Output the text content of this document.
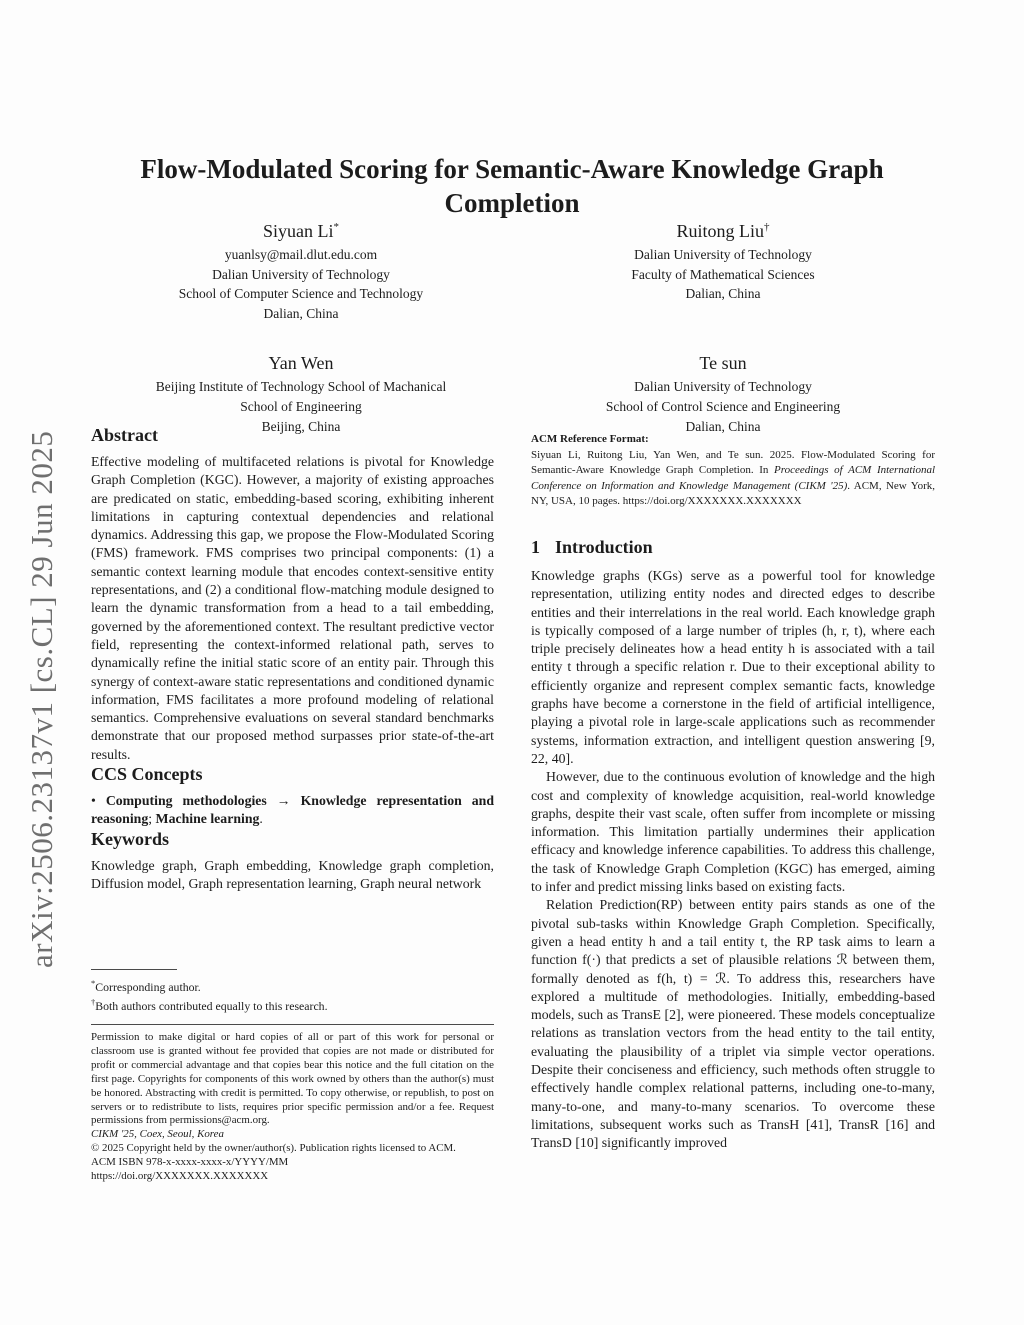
arXiv:2506.23137v1 [cs.CL] 29 Jun 2025
Flow-Modulated Scoring for Semantic-Aware Knowledge Graph Completion
Siyuan Li*
yuanlsy@mail.dlut.edu.com
Dalian University of Technology
School of Computer Science and Technology
Dalian, China
Ruitong Liu†
Dalian University of Technology
Faculty of Mathematical Sciences
Dalian, China
Yan Wen
Beijing Institute of Technology School of Machanical
School of Engineering
Beijing, China
Te sun
Dalian University of Technology
School of Control Science and Engineering
Dalian, China
Abstract

Effective modeling of multifaceted relations is pivotal for Knowledge Graph Completion (KGC). However, a majority of existing approaches are predicated on static, embedding-based scoring, exhibiting inherent limitations in capturing contextual dependencies and relational dynamics. Addressing this gap, we propose the Flow-Modulated Scoring (FMS) framework. FMS comprises two principal components: (1) a semantic context learning module that encodes context-sensitive entity representations, and (2) a conditional flow-matching module designed to learn the dynamic transformation from a head to a tail embedding, governed by the aforementioned context. The resultant predictive vector field, representing the context-informed relational path, serves to dynamically refine the initial static score of an entity pair. Through this synergy of context-aware static representations and conditioned dynamic information, FMS facilitates a more profound modeling of relational semantics. Comprehensive evaluations on several standard benchmarks demonstrate that our proposed method surpasses prior state-of-the-art results.

CCS Concepts

• Computing methodologies → Knowledge representation and reasoning; Machine learning.

Keywords

Knowledge graph, Graph embedding, Knowledge graph completion, Diffusion model, Graph representation learning, Graph neural network

*Corresponding author.
†Both authors contributed equally to this research.

Permission to make digital or hard copies of all or part of this work for personal or classroom use is granted without fee provided that copies are not made or distributed for profit or commercial advantage and that copies bear this notice and the full citation on the first page. Copyrights for components of this work owned by others than the author(s) must be honored. Abstracting with credit is permitted. To copy otherwise, or republish, to post on servers or to redistribute to lists, requires prior specific permission and/or a fee. Request permissions from permissions@acm.org.

CIKM '25, Coex, Seoul, Korea
© 2025 Copyright held by the owner/author(s). Publication rights licensed to ACM.
ACM ISBN 978-x-xxxx-xxxx-x/YYYY/MM
https://doi.org/XXXXXXX.XXXXXXX

ACM Reference Format:
Siyuan Li, Ruitong Liu, Yan Wen, and Te sun. 2025. Flow-Modulated Scoring for Semantic-Aware Knowledge Graph Completion. In Proceedings of ACM International Conference on Information and Knowledge Management (CIKM '25). ACM, New York, NY, USA, 10 pages. https://doi.org/XXXXXXX.XXXXXXX

1 Introduction

Knowledge graphs (KGs) serve as a powerful tool for knowledge representation, utilizing entity nodes and directed edges to describe entities and their interrelations in the real world. Each knowledge graph is typically composed of a large number of triples (h, r, t), where each triple precisely delineates how a head entity h is associated with a tail entity t through a specific relation r. Due to their exceptional ability to efficiently organize and represent complex semantic facts, knowledge graphs have become a cornerstone in the field of artificial intelligence, playing a pivotal role in large-scale applications such as recommender systems, information extraction, and intelligent question answering [9, 22, 40].

However, due to the continuous evolution of knowledge and the high cost and complexity of knowledge acquisition, real-world knowledge graphs, despite their vast scale, often suffer from incomplete or missing information. This limitation partially undermines their application efficacy and knowledge inference capabilities. To address this challenge, the task of Knowledge Graph Completion (KGC) has emerged, aiming to infer and predict missing links based on existing facts.

Relation Prediction(RP) between entity pairs stands as one of the pivotal sub-tasks within Knowledge Graph Completion. Specifically, given a head entity h and a tail entity t, the RP task aims to learn a function f(·) that predicts a set of plausible relations ℛ between them, formally denoted as f(h, t) = ℛ. To address this, researchers have explored a multitude of methodologies. Initially, embedding-based models, such as TransE [2], were pioneered. These models conceptualize relations as translation vectors from the head entity to the tail entity, evaluating the plausibility of a triplet via simple vector operations. Despite their conciseness and efficiency, such methods often struggle to effectively handle complex relational patterns, including one-to-many, many-to-one, and many-to-many scenarios. To overcome these limitations, subsequent works such as TransH [41], TransR [16] and TransD [10] significantly improved
